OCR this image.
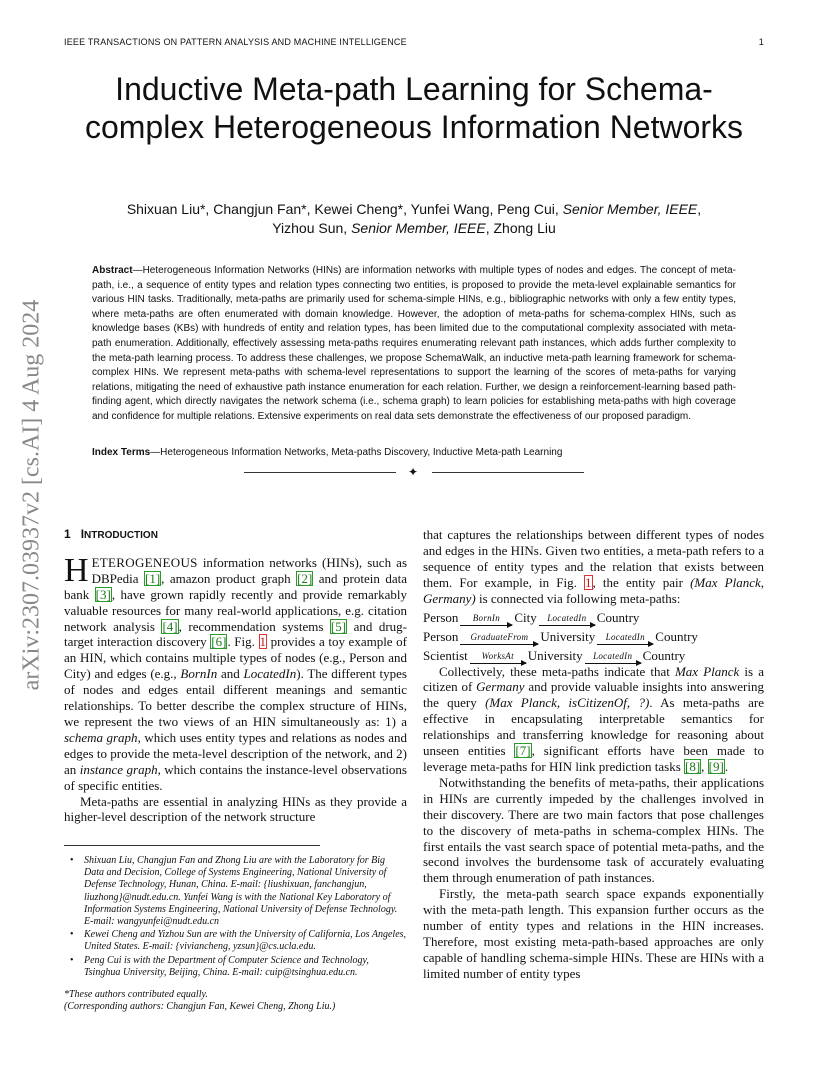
IEEE TRANSACTIONS ON PATTERN ANALYSIS AND MACHINE INTELLIGENCE	1
Inductive Meta-path Learning for Schema-complex Heterogeneous Information Networks
Shixuan Liu*, Changjun Fan*, Kewei Cheng*, Yunfei Wang, Peng Cui, Senior Member, IEEE,
Yizhou Sun, Senior Member, IEEE, Zhong Liu
Abstract—Heterogeneous Information Networks (HINs) are information networks with multiple types of nodes and edges. The concept of meta-path, i.e., a sequence of entity types and relation types connecting two entities, is proposed to provide the meta-level explainable semantics for various HIN tasks. Traditionally, meta-paths are primarily used for schema-simple HINs, e.g., bibliographic networks with only a few entity types, where meta-paths are often enumerated with domain knowledge. However, the adoption of meta-paths for schema-complex HINs, such as knowledge bases (KBs) with hundreds of entity and relation types, has been limited due to the computational complexity associated with meta-path enumeration. Additionally, effectively assessing meta-paths requires enumerating relevant path instances, which adds further complexity to the meta-path learning process. To address these challenges, we propose SchemaWalk, an inductive meta-path learning framework for schema-complex HINs. We represent meta-paths with schema-level representations to support the learning of the scores of meta-paths for varying relations, mitigating the need of exhaustive path instance enumeration for each relation. Further, we design a reinforcement-learning based path-finding agent, which directly navigates the network schema (i.e., schema graph) to learn policies for establishing meta-paths with high coverage and confidence for multiple relations. Extensive experiments on real data sets demonstrate the effectiveness of our proposed paradigm.
Index Terms—Heterogeneous Information Networks, Meta-paths Discovery, Inductive Meta-path Learning
✦
arXiv:2307.03937v2 [cs.AI] 4 Aug 2024 1 INTRODUCTION

HETEROGENEOUS information networks (HINs), such as DBPedia [1], amazon product graph [2] and protein data bank [3], have grown rapidly recently and provide remarkably valuable resources for many real-world applications, e.g. citation network analysis [4], recommendation systems [5] and drug-target interaction discovery [6]. Fig. 1 provides a toy example of an HIN, which contains multiple types of nodes (e.g., Person and City) and edges (e.g., BornIn and LocatedIn). The different types of nodes and edges entail different meanings and semantic relationships. To better describe the complex structure of HINs, we represent the two views of an HIN simultaneously as: 1) a schema graph, which uses entity types and relations as nodes and edges to provide the meta-level description of the network, and 2) an instance graph, which contains the instance-level observations of specific entities.

Meta-paths are essential in analyzing HINs as they provide a higher-level description of the network structure

• Shixuan Liu, Changjun Fan and Zhong Liu are with the Laboratory for Big Data and Decision, College of Systems Engineering, National University of Defense Technology, Hunan, China. E-mail: {liushixuan, fanchangjun, liuzhong}@nudt.edu.cn. Yunfei Wang is with the National Key Laboratory of Information Systems Engineering, National University of Defense Technology. E-mail: wangyunfei@nudt.edu.cn
• Kewei Cheng and Yizhou Sun are with the University of California, Los Angeles, United States. E-mail: {viviancheng, yzsun}@cs.ucla.edu.
• Peng Cui is with the Department of Computer Science and Technology, Tsinghua University, Beijing, China. E-mail: cuip@tsinghua.edu.cn.
*These authors contributed equally.
(Corresponding authors: Changjun Fan, Kewei Cheng, Zhong Liu.)

that captures the relationships between different types of nodes and edges in the HINs. Given two entities, a meta-path refers to a sequence of entity types and the relation that exists between them. For example, in Fig. 1, the entity pair (Max Planck, Germany) is connected via following meta-paths:

Person	BornIn	City	LocatedIn Country
Person	GraduateFrom University	LocatedIn Country
Scientist	WorksAt	University	LocatedIn Country

Collectively, these meta-paths indicate that Max Planck is a citizen of Germany and provide valuable insights into answering the query (Max Planck, isCitizenOf, ?). As meta-paths are effective in encapsulating interpretable semantics for relationships and transferring knowledge for reasoning about unseen entities [7], significant efforts have been made to leverage meta-paths for HIN link prediction tasks [8], [9].

Notwithstanding the benefits of meta-paths, their applications in HINs are currently impeded by the challenges involved in their discovery. There are two main factors that pose challenges to the discovery of meta-paths in schema-complex HINs. The first entails the vast search space of potential meta-paths, and the second involves the burdensome task of accurately evaluating them through enumeration of path instances.

Firstly, the meta-path search space expands exponentially with the meta-path length. This expansion further occurs as the number of entity types and relations in the HIN increases. Therefore, most existing meta-path-based approaches are only capable of handling schema-simple HINs. These are HINs with a limited number of entity types
